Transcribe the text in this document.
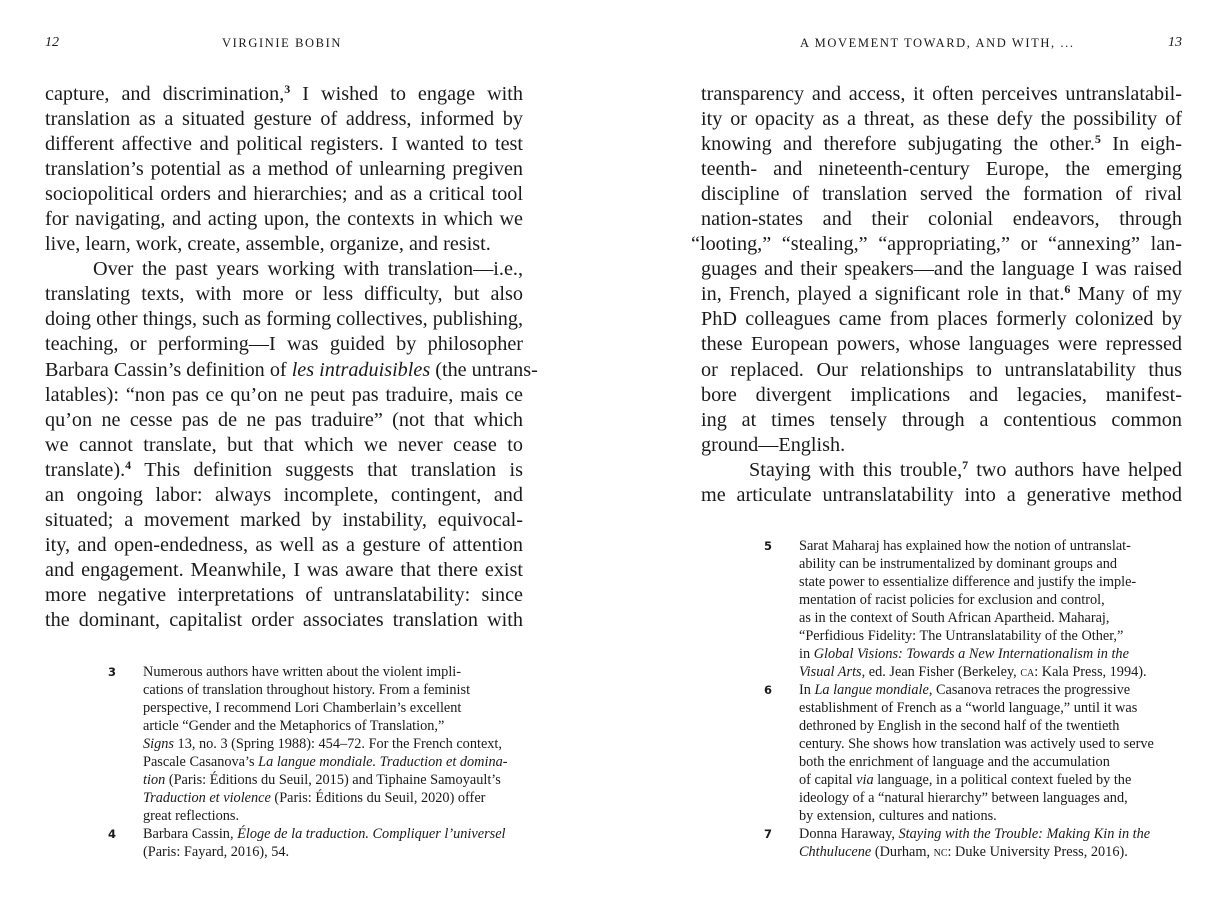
12	VIRGINIE BOBIN
capture, and discrimination,$^3$ I wished to engage with
translation as a situated gesture of address, informed by
different affective and political registers. I wanted to test
translation’s potential as a method of unlearning pregiven
sociopolitical orders and hierarchies; and as a critical tool
for navigating, and acting upon, the contexts in which we
live, learn, work, create, assemble, organize, and resist.
Over the past years working with translation—i.e.,
translating texts, with more or less difficulty, but also
doing other things, such as forming collectives, publishing,
teaching, or performing—I was guided by philosopher
Barbara Cassin’s definition of les intraduisibles (the untrans-
latables): “non pas ce qu’on ne peut pas traduire, mais ce
qu’on ne cesse pas de ne pas traduire” (not that which
we cannot translate, but that which we never cease to
translate).$^4$ This definition suggests that translation is
an ongoing labor: always incomplete, contingent, and
situated; a movement marked by instability, equivocal-
ity, and open-endedness, as well as a gesture of attention
and engagement. Meanwhile, I was aware that there exist
more negative interpretations of untranslatability: since
the dominant, capitalist order associates translation with
3 Numerous authors have written about the violent impli-
cations of translation throughout history. From a feminist
perspective, I recommend Lori Chamberlain’s excellent
article “Gender and the Metaphorics of Translation,”
Signs 13, no. 3 (Spring 1988): 454–72. For the French context,
Pascale Casanova’s La langue mondiale. Traduction et domina-
tion (Paris: Éditions du Seuil, 2015) and Tiphaine Samoyault’s
Traduction et violence (Paris: Éditions du Seuil, 2020) offer
great reflections.
4 Barbara Cassin, Éloge de la traduction. Compliquer l’universel
(Paris: Fayard, 2016), 54.
13
A MOVEMENT TOWARD, AND WITH, ...
transparency and access, it often perceives untranslatabil-
ity or opacity as a threat, as these defy the possibility of
knowing and therefore subjugating the other.$^5$ In eigh-
teenth- and nineteenth-century Europe, the emerging
discipline of translation served the formation of rival
nation-states and their colonial endeavors, through
“looting,” “stealing,” “appropriating,” or “annexing” lan-
guages and their speakers—and the language I was raised
in, French, played a significant role in that.$^6$ Many of my
PhD colleagues came from places formerly colonized by
these European powers, whose languages were repressed
or replaced. Our relationships to untranslatability thus
bore divergent implications and legacies, manifest-
ing at times tensely through a contentious common
ground—English.
Staying with this trouble,$^7$ two authors have helped
me articulate untranslatability into a generative method
5 Sarat Maharaj has explained how the notion of untranslat-
ability can be instrumentalized by dominant groups and
state power to essentialize difference and justify the imple-
mentation of racist policies for exclusion and control,
as in the context of South African Apartheid. Maharaj,
“Perfidious Fidelity: The Untranslatability of the Other,”
in Global Visions: Towards a New Internationalism in the
Visual Arts, ed. Jean Fisher (Berkeley, ca: Kala Press, 1994).
6 In La langue mondiale, Casanova retraces the progressive
establishment of French as a “world language,” until it was
dethroned by English in the second half of the twentieth
century. She shows how translation was actively used to serve
both the enrichment of language and the accumulation
of capital via language, in a political context fueled by the
ideology of a “natural hierarchy” between languages and,
by extension, cultures and nations.
7 Donna Haraway, Staying with the Trouble: Making Kin in the
Chthulucene (Durham, nc: Duke University Press, 2016).
